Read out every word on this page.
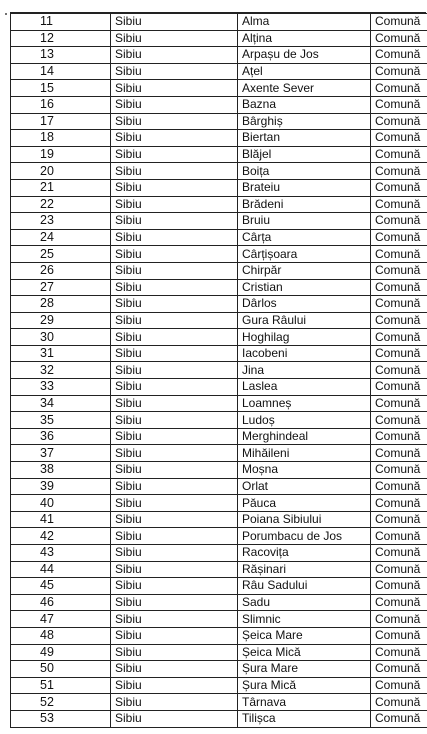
11	Sibiu	Alma	Comună	
12	Sibiu	Alțina	Comună	
13	Sibiu	Arpașu de Jos	Comună	
14	Sibiu	Ațel	Comună	
15	Sibiu	Axente Sever	Comună	
16	Sibiu	Bazna	Comună	
17	Sibiu	Bârghiș	Comună	
18	Sibiu	Biertan	Comună	
19	Sibiu	Blăjel	Comună	
20	Sibiu	Boița	Comună	
21	Sibiu	Brateiu	Comună	
22	Sibiu	Brădeni	Comună	
23	Sibiu	Bruiu	Comună	
24	Sibiu	Cârța	Comună	
25	Sibiu	Cârțișoara	Comună	
26	Sibiu	Chirpăr	Comună	
27	Sibiu	Cristian	Comună	
28	Sibiu	Dârlos	Comună	
29	Sibiu	Gura Râului	Comună	
30	Sibiu	Hoghilag	Comună	
31	Sibiu	Iacobeni	Comună	
32	Sibiu	Jina	Comună	
33	Sibiu	Laslea	Comună	
34	Sibiu	Loamneș	Comună	
35	Sibiu	Ludoș	Comună	
36	Sibiu	Merghindeal	Comună	
37	Sibiu	Mihăileni	Comună	
38	Sibiu	Moșna	Comună	
39	Sibiu	Orlat	Comună	
40	Sibiu	Păuca	Comună	
41	Sibiu	Poiana Sibiului	Comună	
42	Sibiu	Porumbacu de Jos	Comună	
43	Sibiu	Racovița	Comună	
44	Sibiu	Rășinari	Comună	
45	Sibiu	Râu Sadului	Comună	
46	Sibiu	Sadu	Comună	
47	Sibiu	Slimnic	Comună	
48	Sibiu	Șeica Mare	Comună	
49	Sibiu	Șeica Mică	Comună	
50	Sibiu	Șura Mare	Comună	
51	Sibiu	Șura Mică	Comună	
52	Sibiu	Târnava	Comună	
53	Sibiu	Tilișca	Comună	
